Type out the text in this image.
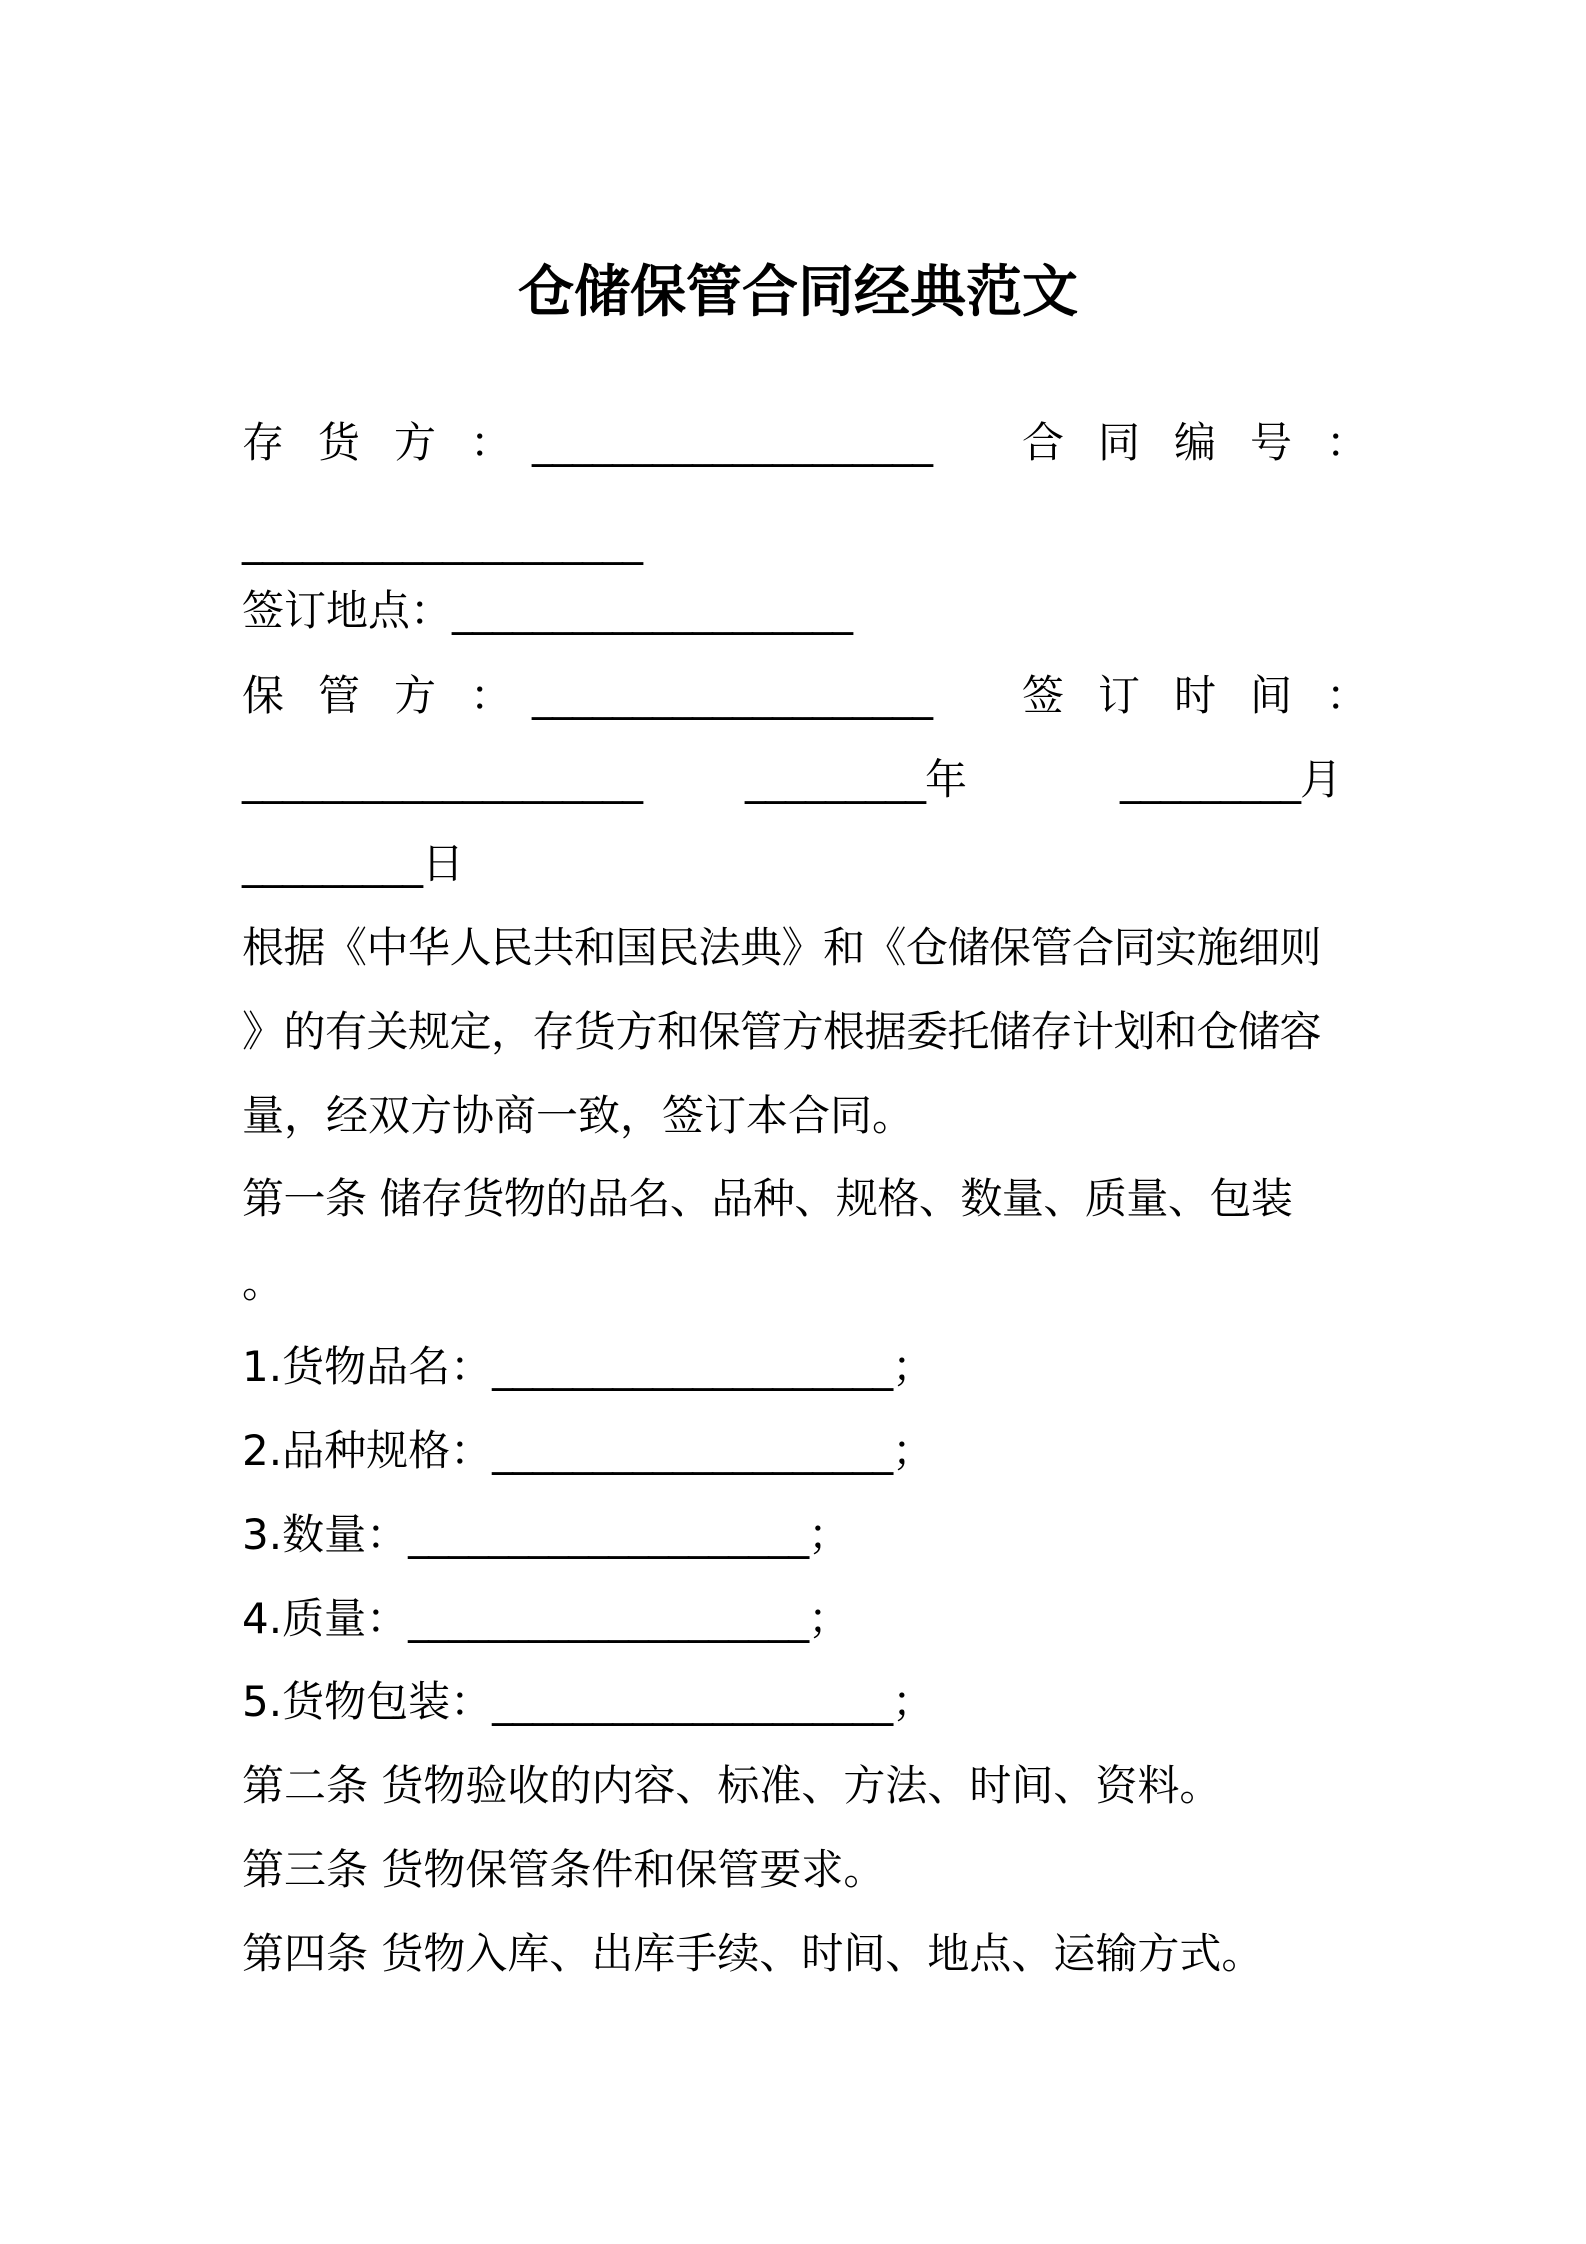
仓储保管合同经典范文
存货方：
____________________ 合同编号：
____________________
签订地点：____________________
保管方：
____________________ 签订时间：
____________________ _________年	_________月
_________日
根据《中华人民共和国民法典》和《仓储保管合同实施细则
》的有关规定，存货方和保管方根据委托储存计划和仓储容
量，经双方协商一致，签订本合同。
第一条 储存货物的品名、品种、规格、数量、质量、包装
。
1.货物品名：____________________；
2.品种规格：____________________；
3.数量：____________________；
4.质量：____________________；
5.货物包装：____________________；
第二条 货物验收的内容、标准、方法、时间、资料。
第三条 货物保管条件和保管要求。
第四条 货物入库、出库手续、时间、地点、运输方式。
